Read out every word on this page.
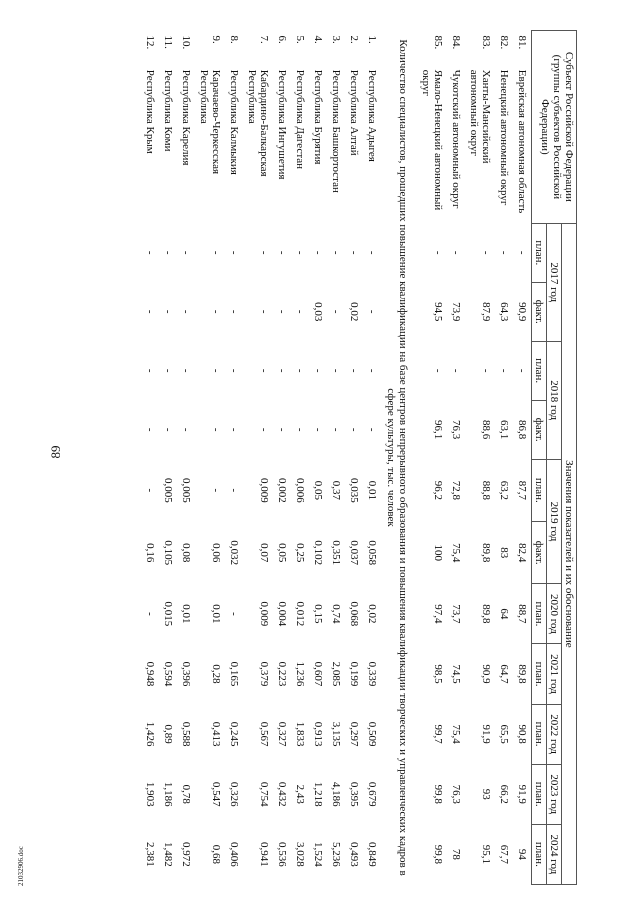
89
21032906.doc
Субъект Российской Федерации (группы субъектов Российской Федерации)		Значения показателей и их обоснование										
		2017 год		2018 год		2019 год		2020 год	2021 год	2022 год	2023 год	2024 год
		план.	факт.	план.	факт.	план.	факт.	план.	план.	план.	план.	план.
81.	Еврейская автономная область	-	90,9	-	86,8	87,7	82,4	88,7	89,8	90,8	91,9	94
82.	Ненецкий автономный округ	-	64,3	-	63,1	63,2	83	64	64,7	65,5	66,2	67,7
83.	Ханты-Мансийский автономный округ	-	87,9	-	88,6	88,8	89,8	89,8	90,9	91,9	93	95,1
84.	Чукотский автономный округ	-	73,9	-	76,3	72,8	75,4	73,7	74,5	75,4	76,3	78
85.	Ямало-Ненецкий автономный округ	-	94,5	-	96,1	96,2	100	97,4	98,5	99,7	99,8	99,8
Количество специалистов, прошедших повышение квалификации на базе центров непрерывного образования и повышения квалификации творческих и управленческих кадров в сфере культуры, тыс. человек												
1.	Республика Адыгея	-	-	-	-	0,01	0,058	0,02	0,339	0,509	0,679	0,849
2.	Республика Алтай	-	0,02	-	-	0,035	0,037	0,068	0,199	0,297	0,395	0,493
3.	Республика Башкортостан	-	-	-	-	0,37	0,351	0,74	2,085	3,135	4,186	5,236
4.	Республика Бурятия	-	0,03	-	-	0,05	0,102	0,15	0,607	0,913	1,218	1,524
5.	Республика Дагестан	-	-	-	-	0,006	0,25	0,012	1,236	1,833	2,43	3,028
6.	Республика Ингушетия	-	-	-	-	0,002	0,05	0,004	0,223	0,327	0,432	0,536
7.	Кабардино-Балкарская Республика	-	-	-	-	0,009	0,07	0,009	0,379	0,567	0,754	0,941
8.	Республика Калмыкия	-	-	-	-	-	0,032	-	0,165	0,245	0,326	0,406
9.	Карачаево-Черкесская Республика	-	-	-	-	-	0,06	0,01	0,28	0,413	0,547	0,68
10.	Республика Карелия	-	-	-	-	0,005	0,08	0,01	0,396	0,588	0,78	0,972
11.	Республика Коми	-	-	-	-	0,005	0,105	0,015	0,594	0,89	1,186	1,482
12.	Республика Крым	-	-	-	-	-	0,16	-	0,948	1,426	1,903	2,381
